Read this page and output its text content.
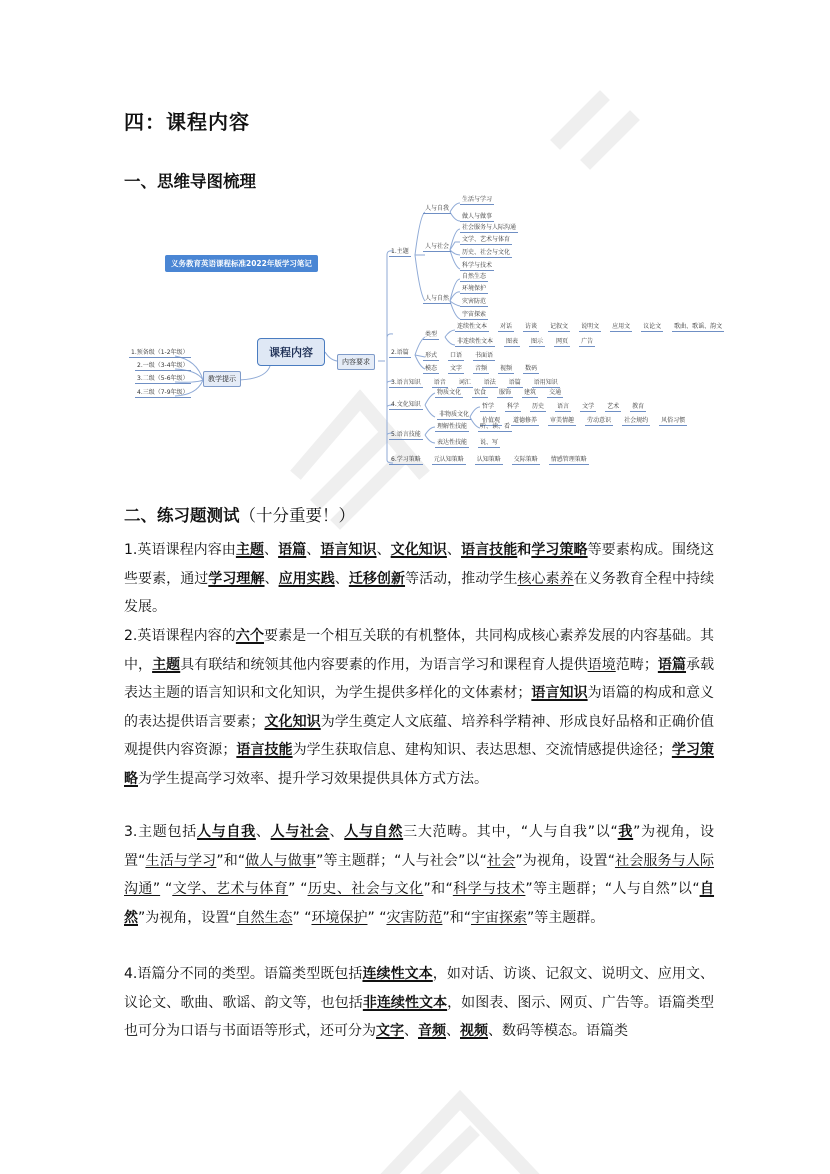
四：课程内容
一、思维导图梳理
义务教育英语课程标准2022年版学习笔记
1.预备级（1-2年级）
2.一级（3-4年级）
3.二级（5-6年级）
4.三级（7-9年级）
教学提示
课程内容
内容要求
1.主题
人与自我
生活与学习
做人与做事
人与社会
社会服务与人际沟通
文学、艺术与体育
历史、社会与文化
科学与技术
人与自然
自然生态
环境保护
灾害防范
宇宙探索
2.语篇
类型
连续性文本	对话	访谈	记叙文	说明文	应用文	议论文	歌曲、歌谣、韵文
非连续性文本	图表	图示	网页	广告
形式	口语	书面语
模态	文字	音频	视频	数码
3.语言知识	语音	词汇	语法	语篇	语用知识
4.文化知识
物质文化	饮食	服饰	建筑	交通
非物质文化
哲学	科学	历史	语言	文学	艺术	教育
价值观	道德修养	审美情趣	劳动意识	社会规约	风俗习惯
5.语言技能
理解性技能	听、读、看
表达性技能	说、写
6.学习策略	元认知策略	认知策略	交际策略	情感管理策略
二、练习题测试（十分重要！）
1.英语课程内容由主题、语篇、语言知识、文化知识、语言技能和学习策略等要素构成。围绕这些要素，通过学习理解、应用实践、迁移创新等活动，推动学生核心素养在义务教育全程中持续发展。
2.英语课程内容的六个要素是一个相互关联的有机整体，共同构成核心素养发展的内容基础。其中，主题具有联结和统领其他内容要素的作用，为语言学习和课程育人提供语境范畴；语篇承载表达主题的语言知识和文化知识，为学生提供多样化的文体素材；语言知识为语篇的构成和意义的表达提供语言要素；文化知识为学生奠定人文底蕴、培养科学精神、形成良好品格和正确价值观提供内容资源；语言技能为学生获取信息、建构知识、表达思想、交流情感提供途径；学习策略为学生提高学习效率、提升学习效果提供具体方式方法。
3.主题包括人与自我、人与社会、人与自然三大范畴。其中，“人与自我”以“我”为视角，设置“生活与学习”和“做人与做事”等主题群；“人与社会”以“社会”为视角，设置“社会服务与人际沟通” “文学、艺术与体育” “历史、社会与文化”和“科学与技术”等主题群；“人与自然”以“自然”为视角，设置“自然生态” “环境保护” “灾害防范”和“宇宙探索”等主题群。
4.语篇分不同的类型。语篇类型既包括连续性文本，如对话、访谈、记叙文、说明文、应用文、议论文、歌曲、歌谣、韵文等，也包括非连续性文本，如图表、图示、网页、广告等。语篇类型也可分为口语与书面语等形式，还可分为文字、音频、视频、数码等模态。语篇类
